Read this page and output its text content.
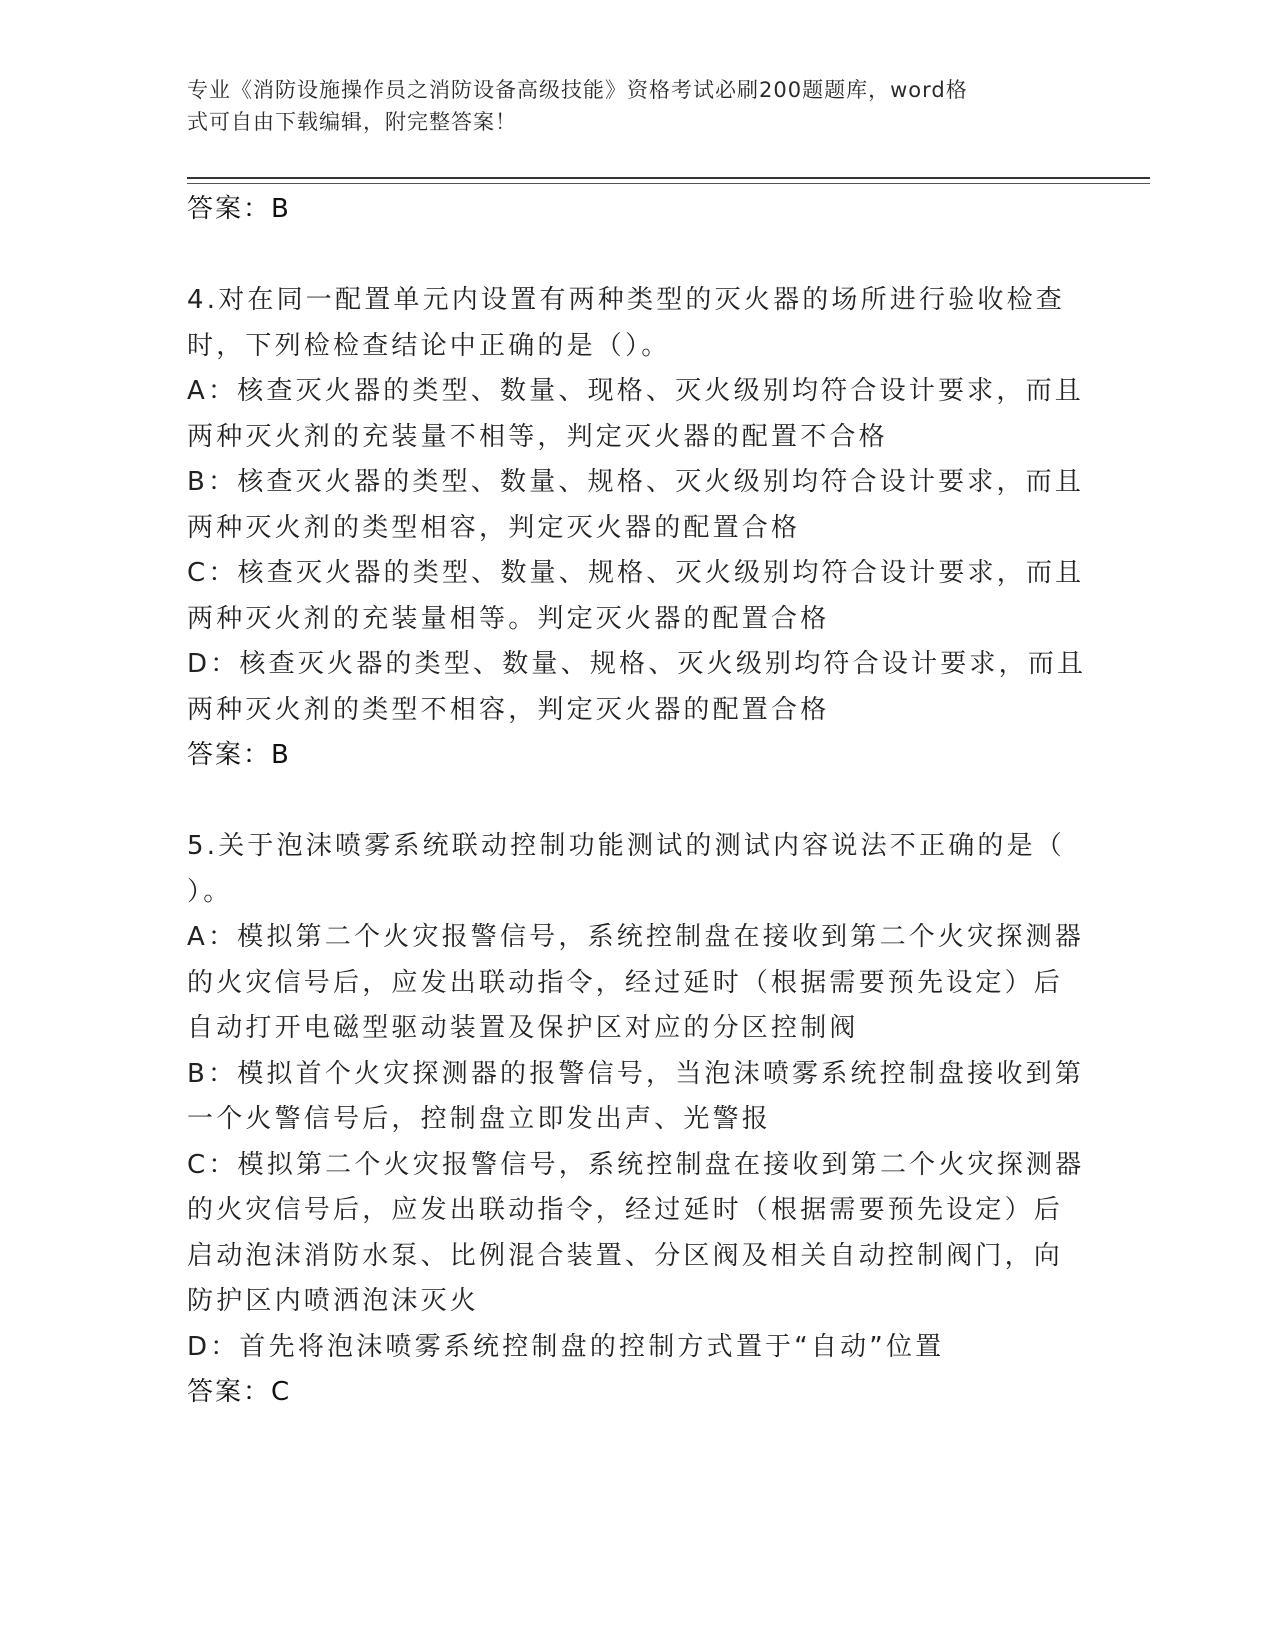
专业《消防设施操作员之消防设备高级技能》资格考试必刷200题题库，word格
式可自由下载编辑，附完整答案！
答案：B
4.对在同一配置单元内设置有两种类型的灭火器的场所进行验收检查
时，下列检检查结论中正确的是（）。
A：核查灭火器的类型、数量、现格、灭火级别均符合设计要求，而且
两种灭火剂的充装量不相等，判定灭火器的配置不合格
B：核查灭火器的类型、数量、规格、灭火级别均符合设计要求，而且
两种灭火剂的类型相容，判定灭火器的配置合格
C：核查灭火器的类型、数量、规格、灭火级别均符合设计要求，而且
两种灭火剂的充装量相等。判定灭火器的配置合格
D：核查灭火器的类型、数量、规格、灭火级别均符合设计要求，而且
两种灭火剂的类型不相容，判定灭火器的配置合格
答案：B
5.关于泡沫喷雾系统联动控制功能测试的测试内容说法不正确的是（
）。
A：模拟第二个火灾报警信号，系统控制盘在接收到第二个火灾探测器
的火灾信号后，应发出联动指令，经过延时（根据需要预先设定）后
自动打开电磁型驱动装置及保护区对应的分区控制阀
B：模拟首个火灾探测器的报警信号，当泡沫喷雾系统控制盘接收到第
一个火警信号后，控制盘立即发出声、光警报
C：模拟第二个火灾报警信号，系统控制盘在接收到第二个火灾探测器
的火灾信号后，应发出联动指令，经过延时（根据需要预先设定）后
启动泡沫消防水泵、比例混合装置、分区阀及相关自动控制阀门，向
防护区内喷洒泡沫灭火
D：首先将泡沫喷雾系统控制盘的控制方式置于“自动”位置
答案：C
